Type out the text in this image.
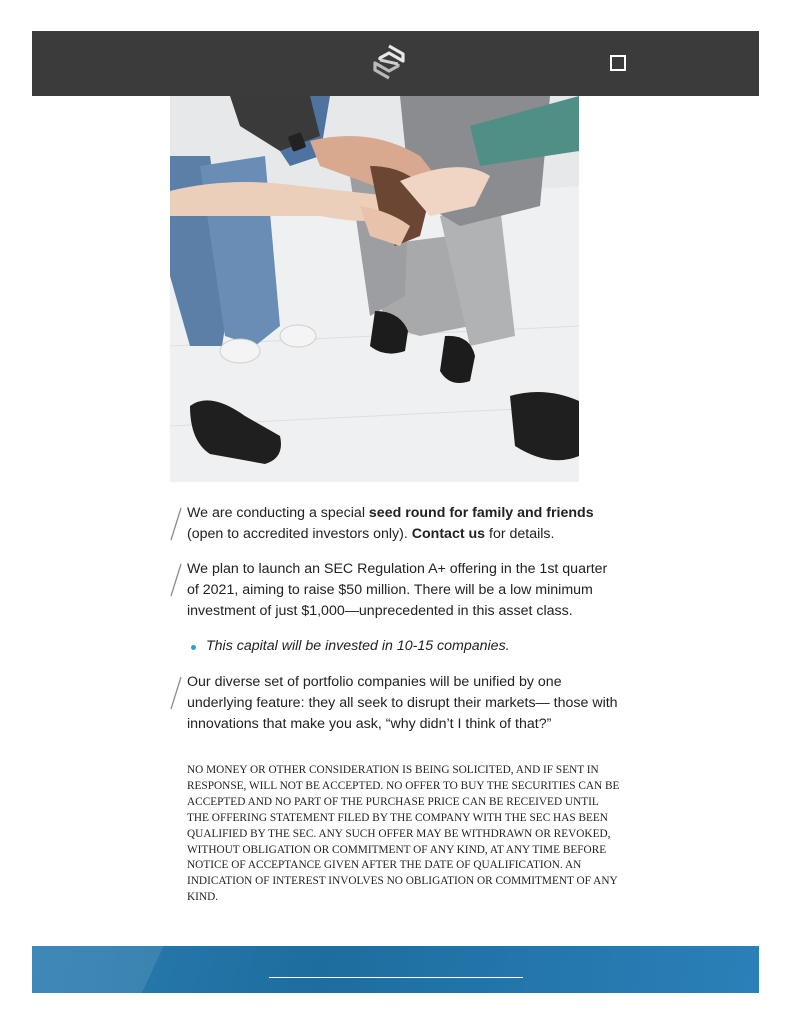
We are conducting a special seed round for family and friends (open to accredited investors only). Contact us for details.
We plan to launch an SEC Regulation A+ offering in the 1st quarter of 2021, aiming to raise $50 million. There will be a low minimum investment of just $1,000—unprecedented in this asset class.
This capital will be invested in 10-15 companies.
Our diverse set of portfolio companies will be unified by one underlying feature: they all seek to disrupt their markets— those with innovations that make you ask, “why didn’t I think of that?”
NO MONEY OR OTHER CONSIDERATION IS BEING SOLICITED, AND IF SENT IN RESPONSE, WILL NOT BE ACCEPTED. NO OFFER TO BUY THE SECURITIES CAN BE ACCEPTED AND NO PART OF THE PURCHASE PRICE CAN BE RECEIVED UNTIL THE OFFERING STATEMENT FILED BY THE COMPANY WITH THE SEC HAS BEEN QUALIFIED BY THE SEC. ANY SUCH OFFER MAY BE WITHDRAWN OR REVOKED, WITHOUT OBLIGATION OR COMMITMENT OF ANY KIND, AT ANY TIME BEFORE NOTICE OF ACCEPTANCE GIVEN AFTER THE DATE OF QUALIFICATION. AN INDICATION OF INTEREST INVOLVES NO OBLIGATION OR COMMITMENT OF ANY KIND.
